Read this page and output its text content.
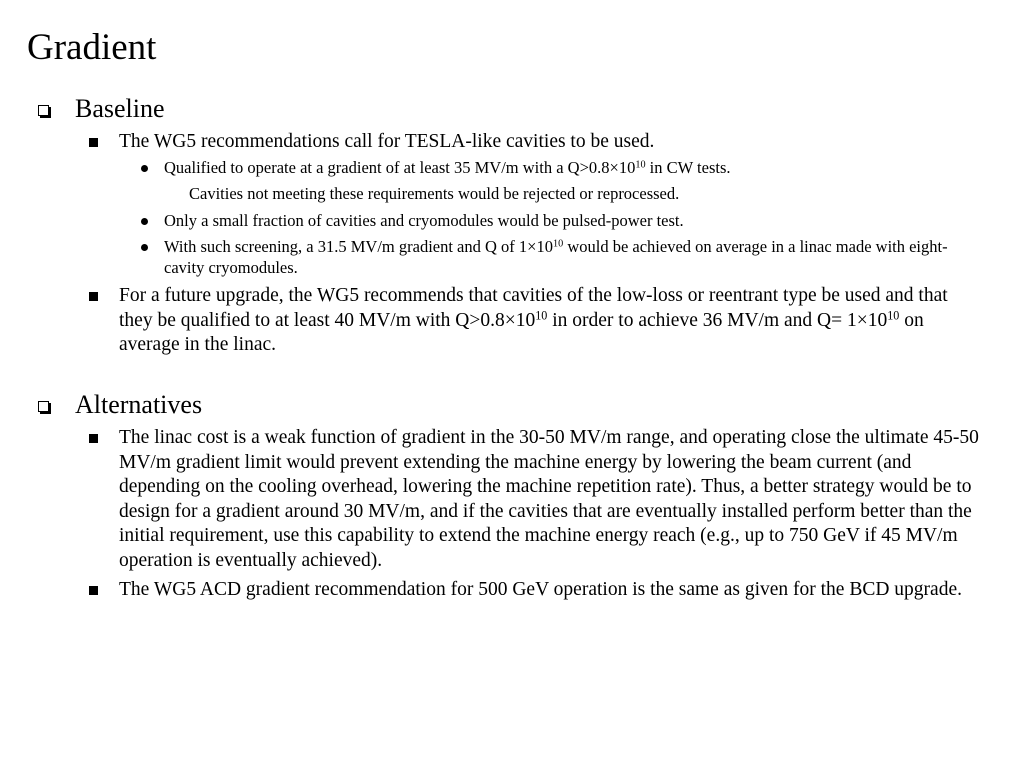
Gradient
Baseline
The WG5 recommendations call for TESLA-like cavities to be used.
Qualified to operate at a gradient of at least 35 MV/m with a $Q>0.8\times 10^{10}$ in CW tests.
Cavities not meeting these requirements would be rejected or reprocessed.
Only a small fraction of cavities and cryomodules would be pulsed-power test.
With such screening, a 31.5 MV/m gradient and Q of $1\times 10^{10}$ would be achieved on average in a linac made with eight-cavity cryomodules.
For a future upgrade, the WG5 recommends that cavities of the low-loss or reentrant type be used and that they be qualified to at least 40 MV/m with $Q>0.8\times 10^{10}$ in order to achieve 36 MV/m and $Q= 1\times 10^{10}$ on average in the linac.
Alternatives
The linac cost is a weak function of gradient in the 30-50 MV/m range, and operating close the ultimate 45-50 MV/m gradient limit would prevent extending the machine energy by lowering the beam current (and depending on the cooling overhead, lowering the machine repetition rate). Thus, a better strategy would be to design for a gradient around 30 MV/m, and if the cavities that are eventually installed perform better than the initial requirement, use this capability to extend the machine energy reach (e.g., up to 750 GeV if 45 MV/m operation is eventually achieved).
The WG5 ACD gradient recommendation for 500 GeV operation is the same as given for the BCD upgrade.
